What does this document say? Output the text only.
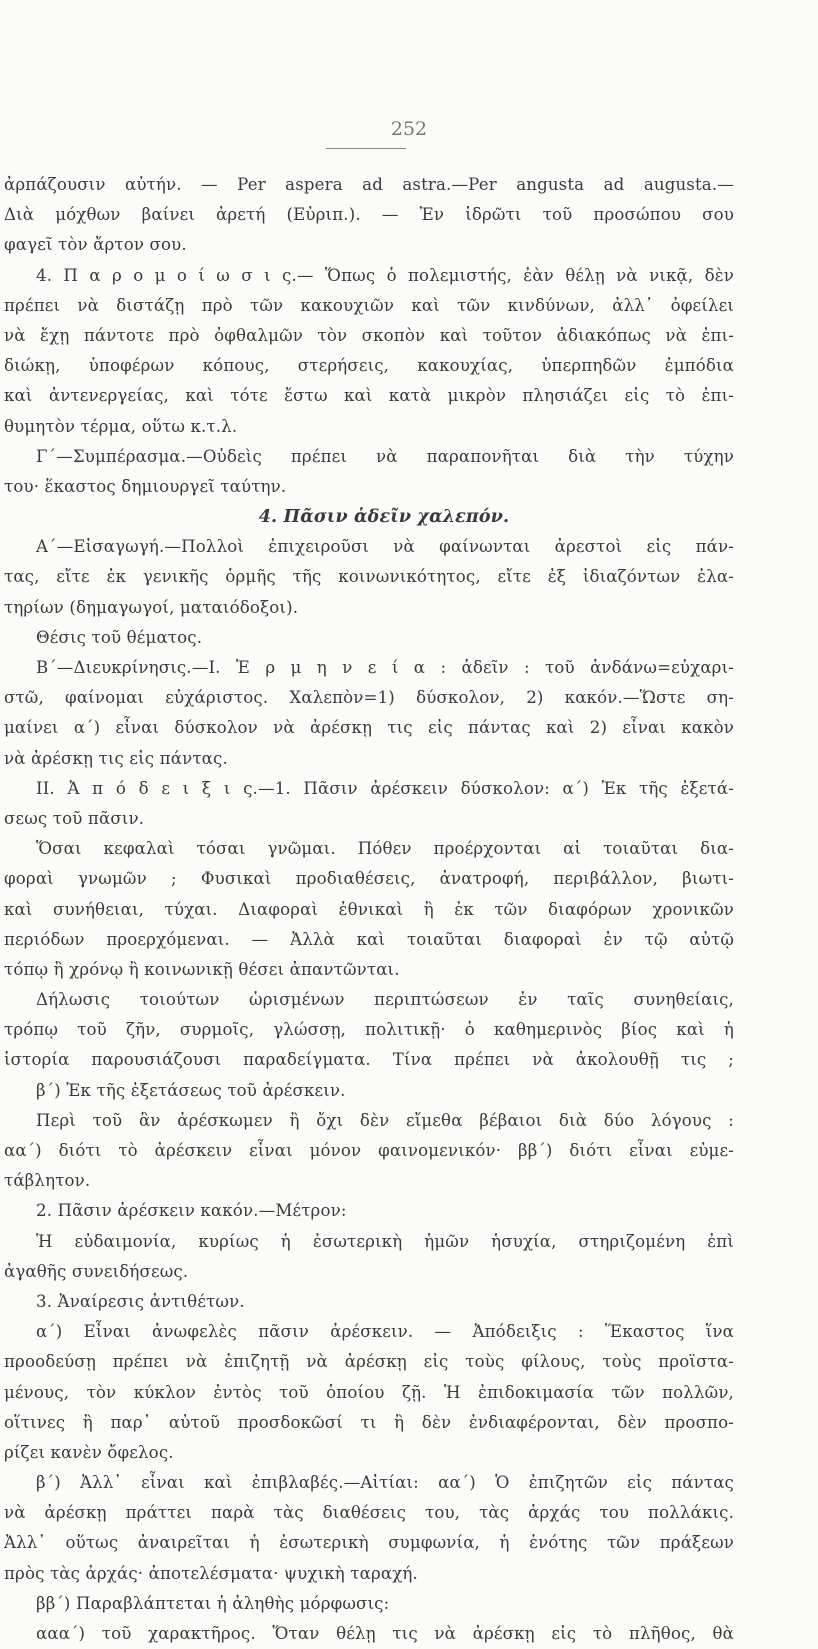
252
ἀρπάζουσιν αὐτήν. — Per aspera ad astra.—Per angusta ad augusta.—
Διὰ μόχθων βαίνει ἀρετή (Εὐριπ.). — Ἐν ἱδρῶτι τοῦ προσώπου σου
φαγεῖ τὸν ἄρτον σου.
4. Π α ρ ο μ ο ί ω σ ι ς.— Ὅπως ὁ πολεμιστής, ἐὰν θέλῃ νὰ νικᾷ, δὲν
πρέπει νὰ διστάζῃ πρὸ τῶν κακουχιῶν καὶ τῶν κινδύνων, ἀλλ᾽ ὀφείλει
νὰ ἔχῃ πάντοτε πρὸ ὀφθαλμῶν τὸν σκοπὸν καὶ τοῦτον ἀδιακόπως νὰ ἐπι-
διώκῃ, ὑποφέρων κόπους, στερήσεις, κακουχίας, ὑπερπηδῶν ἐμπόδια
καὶ ἀντενεργείας, καὶ τότε ἔστω καὶ κατὰ μικρὸν πλησιάζει εἰς τὸ ἐπι-
θυμητὸν τέρμα, οὕτω κ.τ.λ.
Γ΄—Συμπέρασμα.—Οὐδεὶς πρέπει νὰ παραπονῆται διὰ τὴν τύχην
του· ἕκαστος δημιουργεῖ ταύτην.
4. Πᾶσιν ἁδεῖν χαλεπόν.
Α΄—Εἰσαγωγή.—Πολλοὶ ἐπιχειροῦσι νὰ φαίνωνται ἀρεστοὶ εἰς πάν-
τας, εἴτε ἐκ γενικῆς ὁρμῆς τῆς κοινωνικότητος, εἴτε ἐξ ἰδιαζόντων ἐλα-
τηρίων (δημαγωγοί, ματαιόδοξοι).
Θέσις τοῦ θέματος.
Β΄—Διευκρίνησις.—Ι. Ἑ ρ μ η ν ε ί α : ἁδεῖν : τοῦ ἁνδάνω=εὐχαρι-
στῶ, φαίνομαι εὐχάριστος. Χαλεπὸν=1) δύσκολον, 2) κακόν.—Ὥστε ση-
μαίνει α΄) εἶναι δύσκολον νὰ ἀρέσκῃ τις εἰς πάντας καὶ 2) εἶναι κακὸν
νὰ ἀρέσκῃ τις εἰς πάντας.
ΙΙ. Ἀ π ό δ ε ι ξ ι ς.—1. Πᾶσιν ἀρέσκειν δύσκολον: α΄) Ἐκ τῆς ἐξετά-
σεως τοῦ πᾶσιν.
Ὅσαι κεφαλαὶ τόσαι γνῶμαι. Πόθεν προέρχονται αἱ τοιαῦται δια-
φοραὶ γνωμῶν ; Φυσικαὶ προδιαθέσεις, ἀνατροφή, περιβάλλον, βιωτι-
καὶ συνήθειαι, τύχαι. Διαφοραὶ ἐθνικαὶ ἢ ἐκ τῶν διαφόρων χρονικῶν
περιόδων προερχόμεναι. — Ἀλλὰ καὶ τοιαῦται διαφοραὶ ἐν τῷ αὐτῷ
τόπῳ ἢ χρόνῳ ἢ κοινωνικῇ θέσει ἀπαντῶνται.
Δήλωσις τοιούτων ὡρισμένων περιπτώσεων ἐν ταῖς συνηθείαις,
τρόπῳ τοῦ ζῆν, συρμοῖς, γλώσσῃ, πολιτικῇ· ὁ καθημερινὸς βίος καὶ ἡ
ἱστορία παρουσιάζουσι παραδείγματα. Τίνα πρέπει νὰ ἀκολουθῇ τις ;
β΄) Ἐκ τῆς ἐξετάσεως τοῦ ἀρέσκειν.
Περὶ τοῦ ἂν ἀρέσκωμεν ἢ ὄχι δὲν εἴμεθα βέβαιοι διὰ δύο λόγους :
αα΄) διότι τὸ ἀρέσκειν εἶναι μόνον φαινομενικόν· ββ΄) διότι εἶναι εὐμε-
τάβλητον.
2. Πᾶσιν ἀρέσκειν κακόν.—Μέτρον:
Ἡ εὐδαιμονία, κυρίως ἡ ἐσωτερικὴ ἡμῶν ἡσυχία, στηριζομένη ἐπὶ
ἀγαθῆς συνειδήσεως.
3. Ἀναίρεσις ἀντιθέτων.
α΄) Εἶναι ἀνωφελὲς πᾶσιν ἀρέσκειν. — Ἀπόδειξις : Ἕκαστος ἵνα
προοδεύσῃ πρέπει νὰ ἐπιζητῇ νὰ ἀρέσκῃ εἰς τοὺς φίλους, τοὺς προϊστα-
μένους, τὸν κύκλον ἐντὸς τοῦ ὁποίου ζῇ. Ἡ ἐπιδοκιμασία τῶν πολλῶν,
οἵτινες ἢ παρ᾽ αὐτοῦ προσδοκῶσί τι ἢ δὲν ἐνδιαφέρονται, δὲν προσπο-
ρίζει κανὲν ὄφελος.
β΄) Ἀλλ᾽ εἶναι καὶ ἐπιβλαβές.—Αἰτίαι: αα΄) Ὁ ἐπιζητῶν εἰς πάντας
νὰ ἀρέσκῃ πράττει παρὰ τὰς διαθέσεις του, τὰς ἀρχάς του πολλάκις.
Ἀλλ᾽ οὕτως ἀναιρεῖται ἡ ἐσωτερικὴ συμφωνία, ἡ ἑνότης τῶν πράξεων
πρὸς τὰς ἀρχάς· ἀποτελέσματα· ψυχικὴ ταραχή.
ββ΄) Παραβλάπτεται ἡ ἀληθὴς μόρφωσις:
ααα΄) τοῦ χαρακτῆρος. Ὅταν θέλῃ τις νὰ ἀρέσκῃ εἰς τὸ πλῆθος, θὰ
